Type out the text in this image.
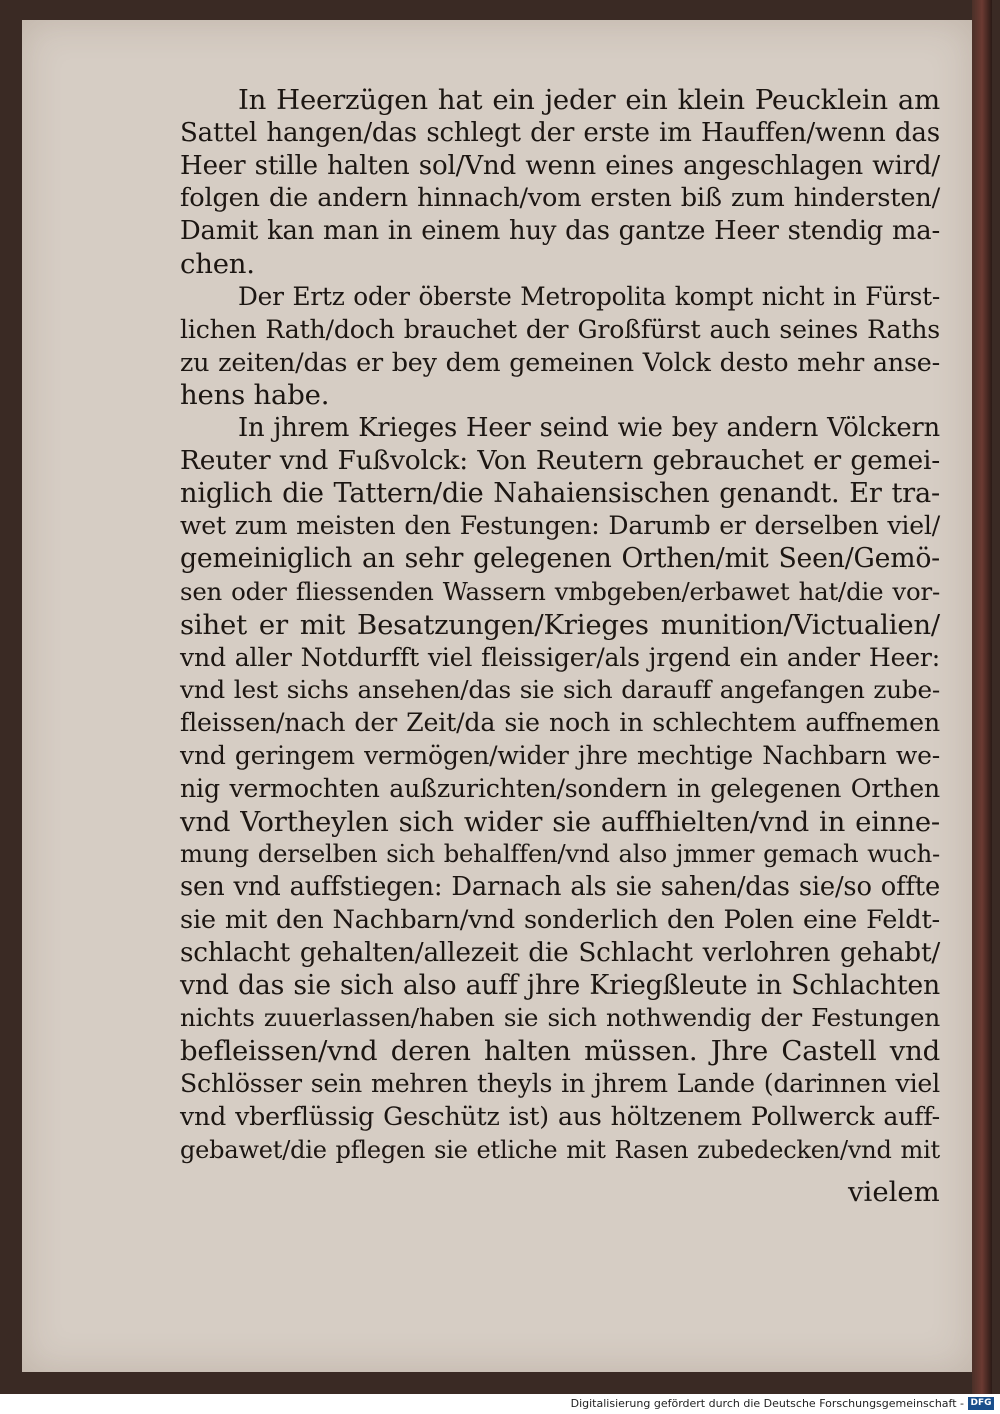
In Heerzügen hat ein jeder ein klein Peucklein am
Sattel hangen/das schlegt der erste im Hauffen/wenn das
Heer stille halten sol/Vnd wenn eines angeschlagen wird/
folgen die andern hinnach/vom ersten biß zum hindersten/
Damit kan man in einem huy das gantze Heer stendig ma-
chen.
Der Ertz oder öberste Metropolita kompt nicht in Fürst-
lichen Rath/doch brauchet der Großfürst auch seines Raths
zu zeiten/das er bey dem gemeinen Volck desto mehr anse-
hens habe.
In jhrem Krieges Heer seind wie bey andern Völckern
Reuter vnd Fußvolck: Von Reutern gebrauchet er gemei-
niglich die Tattern/die Nahaiensischen genandt. Er tra-
wet zum meisten den Festungen: Darumb er derselben viel/
gemeiniglich an sehr gelegenen Orthen/mit Seen/Gemö-
sen oder fliessenden Wassern vmbgeben/erbawet hat/die vor-
sihet er mit Besatzungen/Krieges munition/Victualien/
vnd aller Notdurfft viel fleissiger/als jrgend ein ander Heer:
vnd lest sichs ansehen/das sie sich darauff angefangen zube-
fleissen/nach der Zeit/da sie noch in schlechtem auffnemen
vnd geringem vermögen/wider jhre mechtige Nachbarn we-
nig vermochten außzurichten/sondern in gelegenen Orthen
vnd Vortheylen sich wider sie auffhielten/vnd in einne-
mung derselben sich behalffen/vnd also jmmer gemach wuch-
sen vnd auffstiegen: Darnach als sie sahen/das sie/so offte
sie mit den Nachbarn/vnd sonderlich den Polen eine Feldt-
schlacht gehalten/allezeit die Schlacht verlohren gehabt/
vnd das sie sich also auff jhre Kriegßleute in Schlachten
nichts zuuerlassen/haben sie sich nothwendig der Festungen
befleissen/vnd deren halten müssen. Jhre Castell vnd
Schlösser sein mehren theyls in jhrem Lande (darinnen viel
vnd vberflüssig Geschütz ist) aus höltzenem Pollwerck auff-
gebawet/die pflegen sie etliche mit Rasen zubedecken/vnd mit
vielem
Digitalisierung gefördert durch die Deutsche Forschungsgemeinschaft - DFG
